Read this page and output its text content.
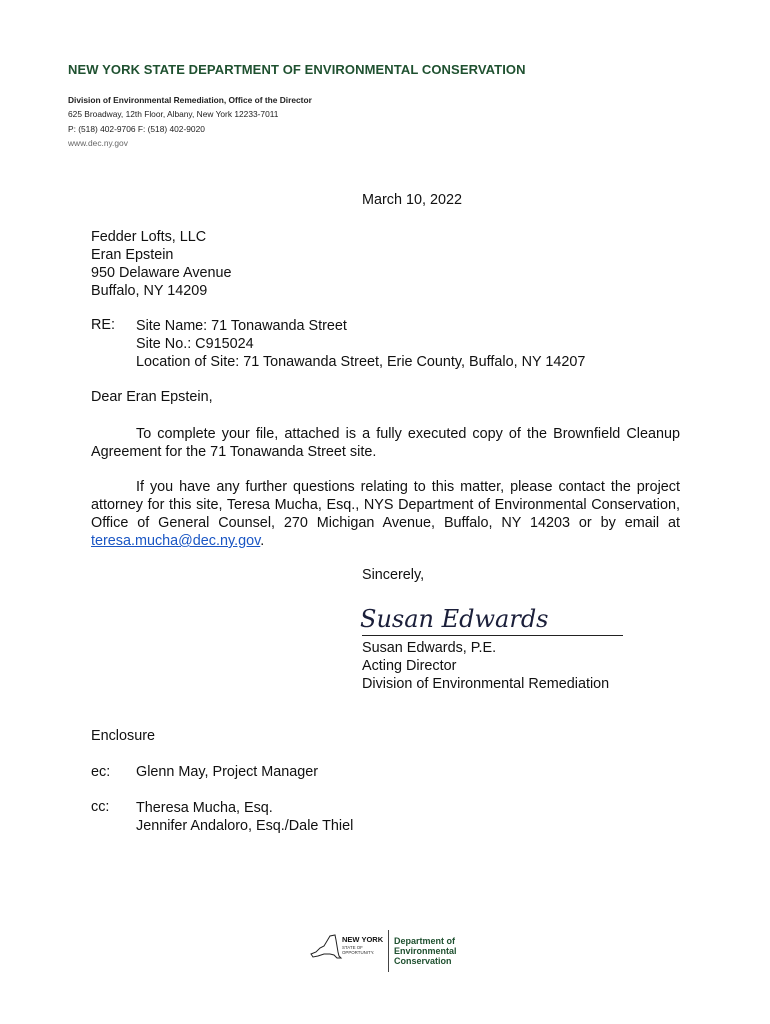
NEW YORK STATE DEPARTMENT OF ENVIRONMENTAL CONSERVATION
Division of Environmental Remediation, Office of the Director
625 Broadway, 12th Floor, Albany, New York 12233-7011
P: (518) 402-9706 F: (518) 402-9020
www.dec.ny.gov
March 10, 2022
Fedder Lofts, LLC
Eran Epstein
950 Delaware Avenue
Buffalo, NY 14209
RE: Site Name: 71 Tonawanda Street
Site No.: C915024
Location of Site: 71 Tonawanda Street, Erie County, Buffalo, NY 14207
Dear Eran Epstein,
To complete your file, attached is a fully executed copy of the Brownfield Cleanup Agreement for the 71 Tonawanda Street site.
If you have any further questions relating to this matter, please contact the project attorney for this site, Teresa Mucha, Esq., NYS Department of Environmental Conservation, Office of General Counsel, 270 Michigan Avenue, Buffalo, NY 14203 or by email at teresa.mucha@dec.ny.gov.
Sincerely,
Susan Edwards
Susan Edwards, P.E.
Acting Director
Division of Environmental Remediation
Enclosure
ec: Glenn May, Project Manager
cc: Theresa Mucha, Esq.
Jennifer Andaloro, Esq./Dale Thiel
NEW YORK
STATE OF
OPPORTUNITY.
Department of
Environmental
Conservation
